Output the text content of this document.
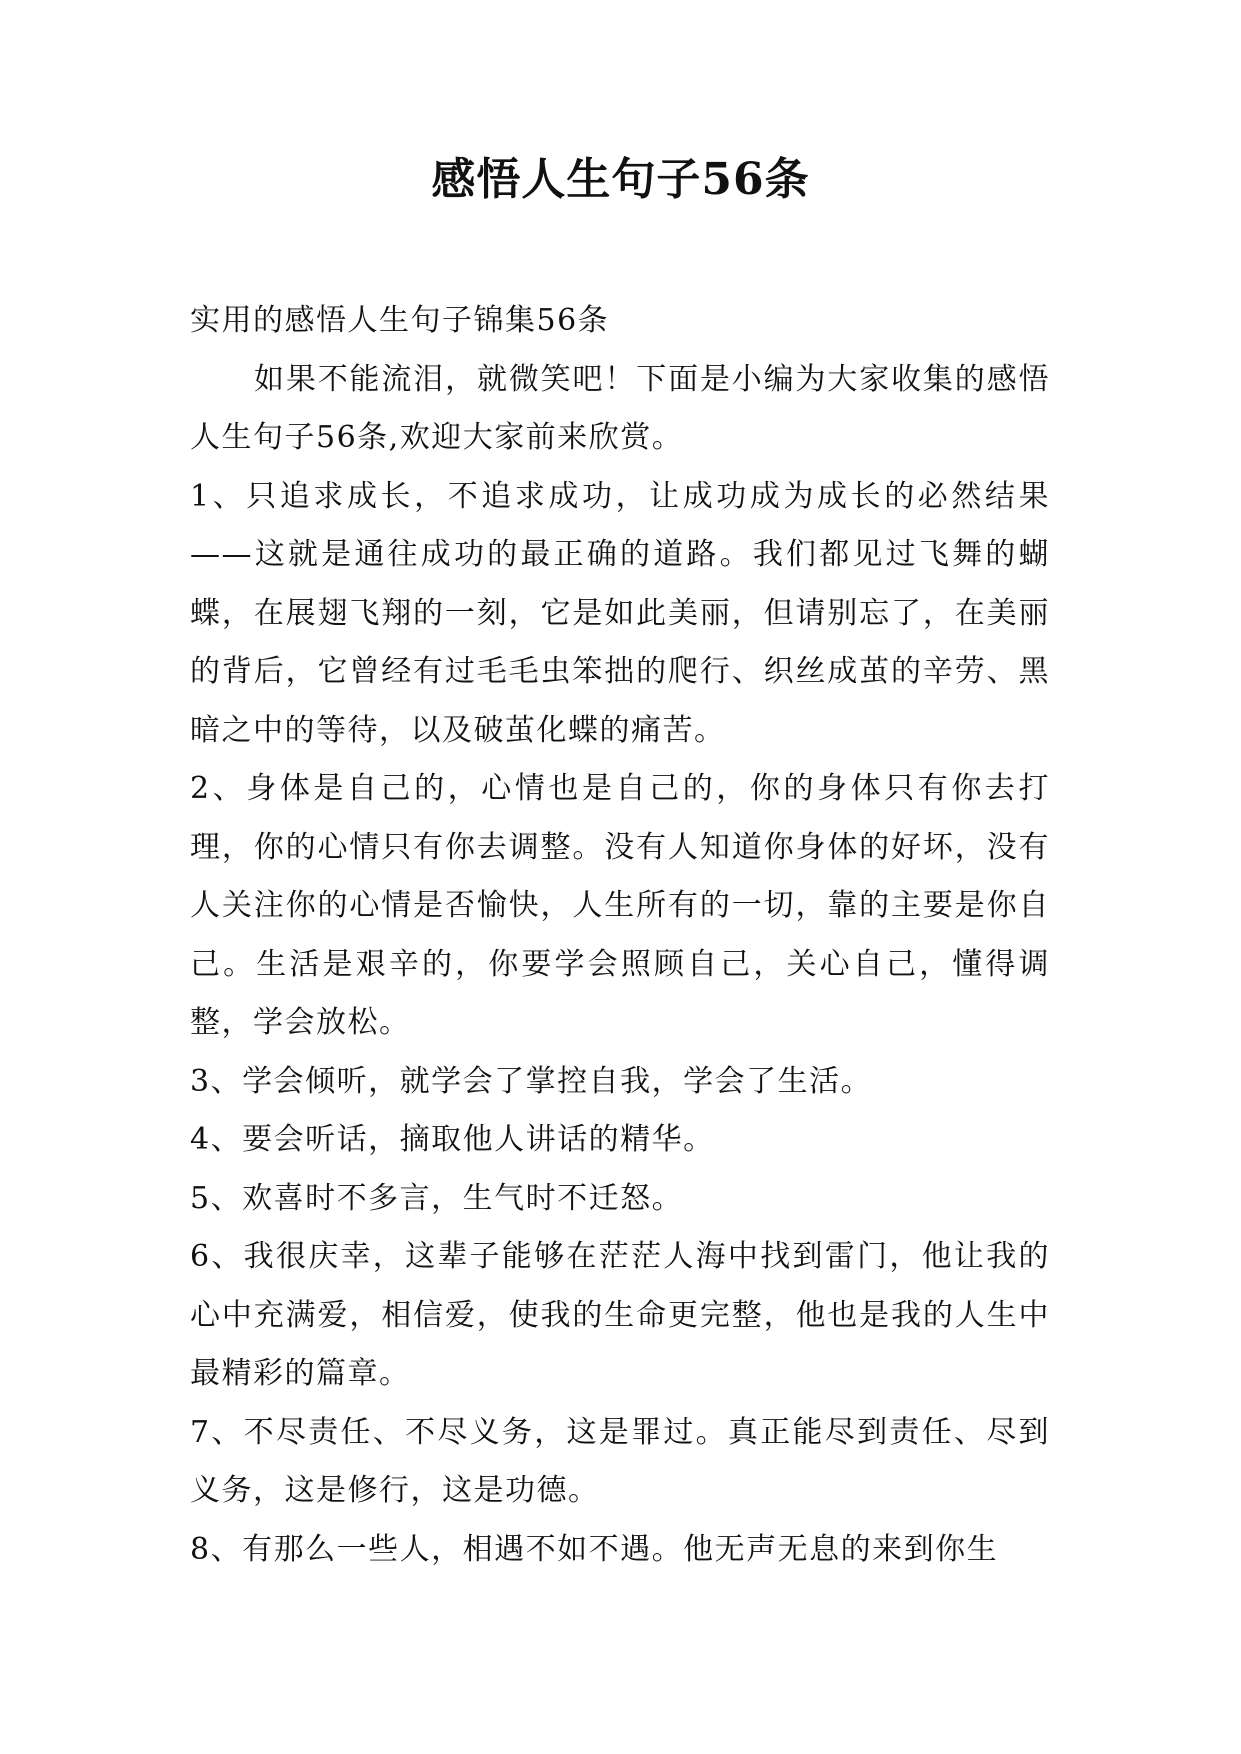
感悟人生句子56条

实用的感悟人生句子锦集56条

如果不能流泪，就微笑吧！下面是小编为大家收集的感悟人生句子56条,欢迎大家前来欣赏。

1、只追求成长，不追求成功，让成功成为成长的必然结果——这就是通往成功的最正确的道路。我们都见过飞舞的蝴蝶，在展翅飞翔的一刻，它是如此美丽，但请别忘了，在美丽的背后，它曾经有过毛毛虫笨拙的爬行、织丝成茧的辛劳、黑暗之中的等待，以及破茧化蝶的痛苦。

2、身体是自己的，心情也是自己的，你的身体只有你去打理，你的心情只有你去调整。没有人知道你身体的好坏，没有人关注你的心情是否愉快，人生所有的一切，靠的主要是你自己。生活是艰辛的，你要学会照顾自己，关心自己，懂得调整，学会放松。

3、学会倾听，就学会了掌控自我，学会了生活。

4、要会听话，摘取他人讲话的精华。

5、欢喜时不多言，生气时不迁怒。

6、我很庆幸，这辈子能够在茫茫人海中找到雷门，他让我的心中充满爱，相信爱，使我的生命更完整，他也是我的人生中最精彩的篇章。

7、不尽责任、不尽义务，这是罪过。真正能尽到责任、尽到义务，这是修行，这是功德。

8、有那么一些人，相遇不如不遇。他无声无息的来到你生
